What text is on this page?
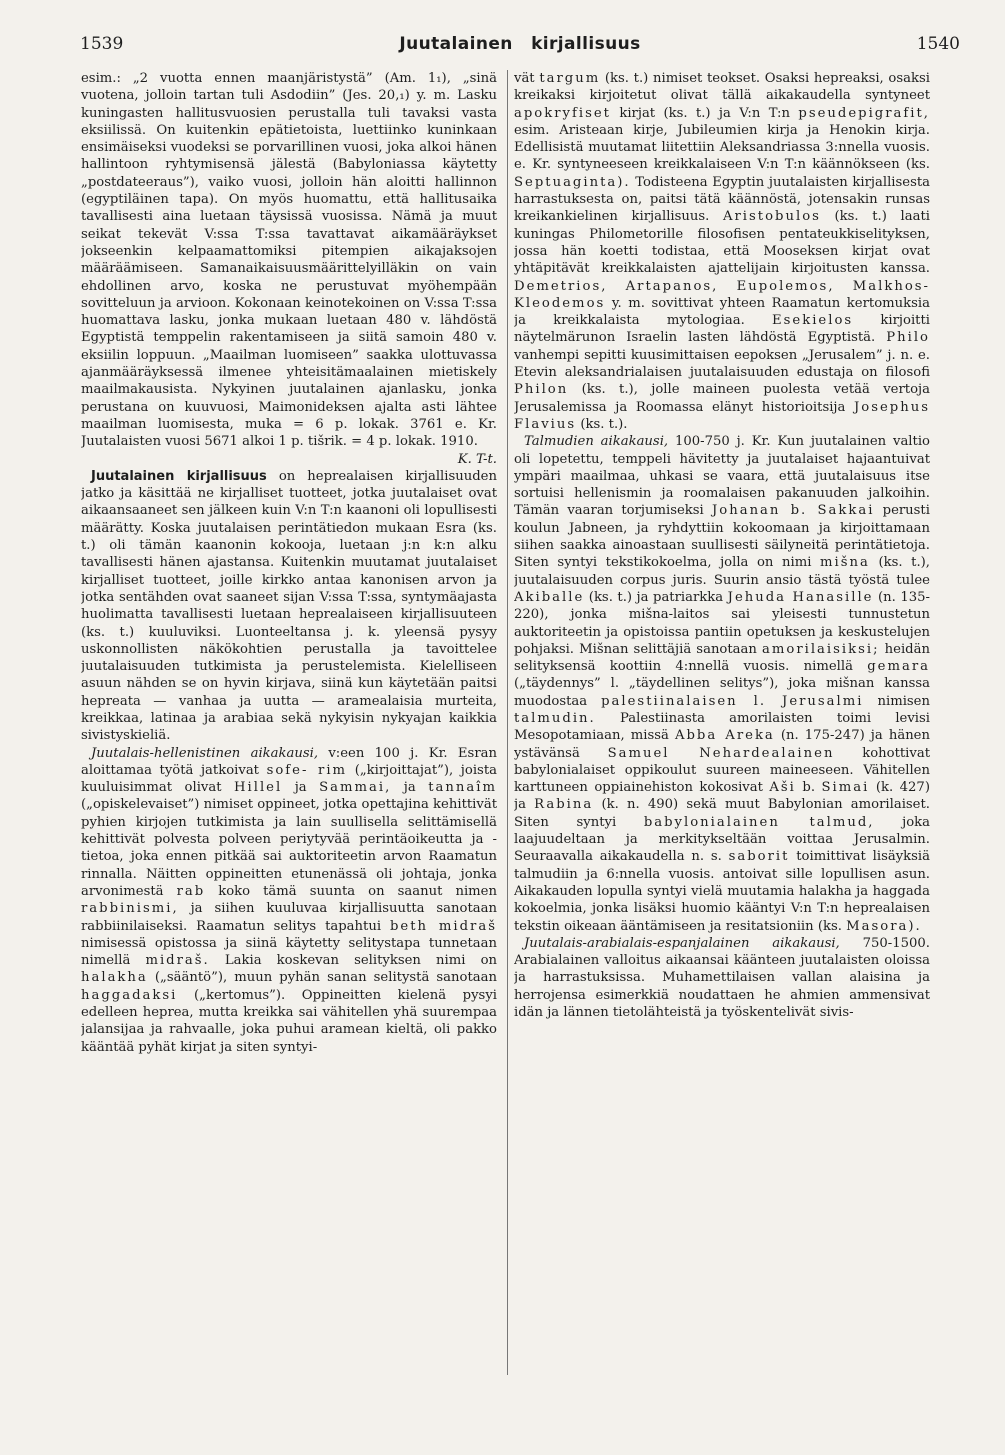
1539	Juutalainen kirjallisuus	1540

esim.: „2 vuotta ennen maanjäristystä” (Am. 1₁), „sinä vuotena, jolloin tartan tuli Asdodiin” (Jes. 20,₁) y. m. Lasku kuningasten hallitusvuosien perustalla tuli tavaksi vasta eksiilissä. On kuitenkin epätietoista, luettiinko kuninkaan ensimäiseksi vuodeksi se porvarillinen vuosi, joka alkoi hänen hallintoon ryhtymisensä jälestä (Babyloniassa käytetty „postdateeraus”), vaiko vuosi, jolloin hän aloitti hallinnon (egyptiläinen tapa). On myös huomattu, että hallitusaika tavallisesti aina luetaan täysissä vuosissa. Nämä ja muut seikat tekevät V:ssa T:ssa tavattavat aikamääräykset jokseenkin kelpaamattomiksi pitempien aikajaksojen määräämiseen. Samanaikaisuusmäärittelyilläkin on vain ehdollinen arvo, koska ne perustuvat myöhempään sovitteluun ja arvioon. Kokonaan keinotekoinen on V:ssa T:ssa huomattava lasku, jonka mukaan luetaan 480 v. lähdöstä Egyptistä temppelin rakentamiseen ja siitä samoin 480 v. eksiilin loppuun. „Maailman luomiseen” saakka ulottuvassa ajanmääräyksessä ilmenee yhteisitämaalainen mietiskely maailmakausista. Nykyinen juutalainen ajanlasku, jonka perustana on kuuvuosi, Maimonideksen ajalta asti lähtee maailman luomisesta, muka = 6 p. lokak. 3761 e. Kr. Juutalaisten vuosi 5671 alkoi 1 p. tišrik. = 4 p. lokak. 1910.

K. T-t.

Juutalainen kirjallisuus on heprealaisen kirjallisuuden jatko ja käsittää ne kirjalliset tuotteet, jotka juutalaiset ovat aikaansaaneet sen jälkeen kuin V:n T:n kaanoni oli lopullisesti määrätty. Koska juutalaisen perintätiedon mukaan Esra (ks. t.) oli tämän kaanonin kokooja, luetaan j:n k:n alku tavallisesti hänen ajastansa. Kuitenkin muutamat juutalaiset kirjalliset tuotteet, joille kirkko antaa kanonisen arvon ja jotka sentähden ovat saaneet sijan V:ssa T:ssa, syntymäajasta huolimatta tavallisesti luetaan heprealaiseen kirjallisuuteen (ks. t.) kuuluviksi. Luonteeltansa j. k. yleensä pysyy uskonnollisten näkökohtien perustalla ja tavoittelee juutalaisuuden tutkimista ja perustelemista. Kielelliseen asuun nähden se on hyvin kirjava, siinä kun käytetään paitsi hepreata — vanhaa ja uutta — aramealaisia murteita, kreikkaa, latinaa ja arabiaa sekä nykyisin nykyajan kaikkia sivistyskieliä.

Juutalais-hellenistinen aikakausi, v:een 100 j. Kr. Esran aloittamaa työtä jatkoivat sofe- rim („kirjoittajat”), joista kuuluisimmat olivat Hillel ja Sammai, ja tannaîm („opiskelevaiset”) nimiset oppineet, jotka opettajina kehittivät pyhien kirjojen tutkimista ja lain suullisella selittämisellä kehittivät polvesta polveen periytyvää perintäoikeutta ja -tietoa, joka ennen pitkää sai auktoriteetin arvon Raamatun rinnalla. Näitten oppineitten etunenässä oli johtaja, jonka arvonimestä rab koko tämä suunta on saanut nimen rabbinismi, ja siihen kuuluvaa kirjallisuutta sanotaan rabbiinilaiseksi. Raamatun selitys tapahtui beth midraš nimisessä opistossa ja siinä käytetty selitystapa tunnetaan nimellä midraš. Lakia koskevan selityksen nimi on halakha („sääntö”), muun pyhän sanan selitystä sanotaan haggadaksi („kertomus”). Oppineitten kielenä pysyi edelleen heprea, mutta kreikka sai vähitellen yhä suurempaa jalansijaa ja rahvaalle, joka puhui aramean kieltä, oli pakko kääntää pyhät kirjat ja siten syntyi-

vät targum (ks. t.) nimiset teokset. Osaksi hepreaksi, osaksi kreikaksi kirjoitetut olivat tällä aikakaudella syntyneet apokryfiset kirjat (ks. t.) ja V:n T:n pseudepigrafit, esim. Aristeaan kirje, Jubileumien kirja ja Henokin kirja. Edellisistä muutamat liitettiin Aleksandriassa 3:nnella vuosis. e. Kr. syntyneeseen kreikkalaiseen V:n T:n käännökseen (ks. Septuaginta). Todisteena Egyptin juutalaisten kirjallisesta harrastuksesta on, paitsi tätä käännöstä, jotensakin runsas kreikankielinen kirjallisuus. Aristobulos (ks. t.) laati kuningas Philometorille filosofisen pentateukkiselityksen, jossa hän koetti todistaa, että Mooseksen kirjat ovat yhtäpitävät kreikkalaisten ajattelijain kirjoitusten kanssa. Demetrios, Artapanos, Eupolemos, Malkhos-Kleodemos y. m. sovittivat yhteen Raamatun kertomuksia ja kreikkalaista mytologiaa. Esekielos kirjoitti näytelmärunon Israelin lasten lähdöstä Egyptistä. Philo vanhempi sepitti kuusimittaisen eepoksen „Jerusalem” j. n. e. Etevin aleksandrialaisen juutalaisuuden edustaja on filosofi Philon (ks. t.), jolle maineen puolesta vetää vertoja Jerusalemissa ja Roomassa elänyt historioitsija Josephus Flavius (ks. t.).

Talmudien aikakausi, 100-750 j. Kr. Kun juutalainen valtio oli lopetettu, temppeli hävitetty ja juutalaiset hajaantuivat ympäri maailmaa, uhkasi se vaara, että juutalaisuus itse sortuisi hellenismin ja roomalaisen pakanuuden jalkoihin. Tämän vaaran torjumiseksi Johanan b. Sakkai perusti koulun Jabneen, ja ryhdyttiin kokoomaan ja kirjoittamaan siihen saakka ainoastaan suullisesti säilyneitä perintätietoja. Siten syntyi tekstikokoelma, jolla on nimi mišna (ks. t.), juutalaisuuden corpus juris. Suurin ansio tästä työstä tulee Akiballe (ks. t.) ja patriarkka Jehuda Hanasille (n. 135-220), jonka mišna-laitos sai yleisesti tunnustetun auktoriteetin ja opistoissa pantiin opetuksen ja keskustelujen pohjaksi. Mišnan selittäjiä sanotaan amorilaisiksi; heidän selityksensä koottiin 4:nnellä vuosis. nimellä gemara („täydennys” l. „täydellinen selitys”), joka mišnan kanssa muodostaa palestiinalaisen l. Jerusalmi nimisen talmudin. Palestiinasta amorilaisten toimi levisi Mesopotamiaan, missä Abba Areka (n. 175-247) ja hänen ystävänsä Samuel Nehardealainen kohottivat babylonialaiset oppikoulut suureen maineeseen. Vähitellen karttuneen oppiainehiston kokosivat Aši b. Simai (k. 427) ja Rabina (k. n. 490) sekä muut Babylonian amorilaiset. Siten syntyi babylonialainen talmud, joka laajuudeltaan ja merkitykseltään voittaa Jerusalmin. Seuraavalla aikakaudella n. s. saborit toimittivat lisäyksiä talmudiin ja 6:nnella vuosis. antoivat sille lopullisen asun. Aikakauden lopulla syntyi vielä muutamia halakha ja haggada kokoelmia, jonka lisäksi huomio kääntyi V:n T:n heprealaisen tekstin oikeaan ääntämiseen ja resitatsioniin (ks. Masora).

Juutalais-arabialais-espanjalainen aikakausi, 750-1500. Arabialainen valloitus aikaansai käänteen juutalaisten oloissa ja harrastuksissa. Muhamettilaisen vallan alaisina ja herrojensa esimerkkiä noudattaen he ahmien ammensivat idän ja lännen tietolähteistä ja työskentelivät sivis-
